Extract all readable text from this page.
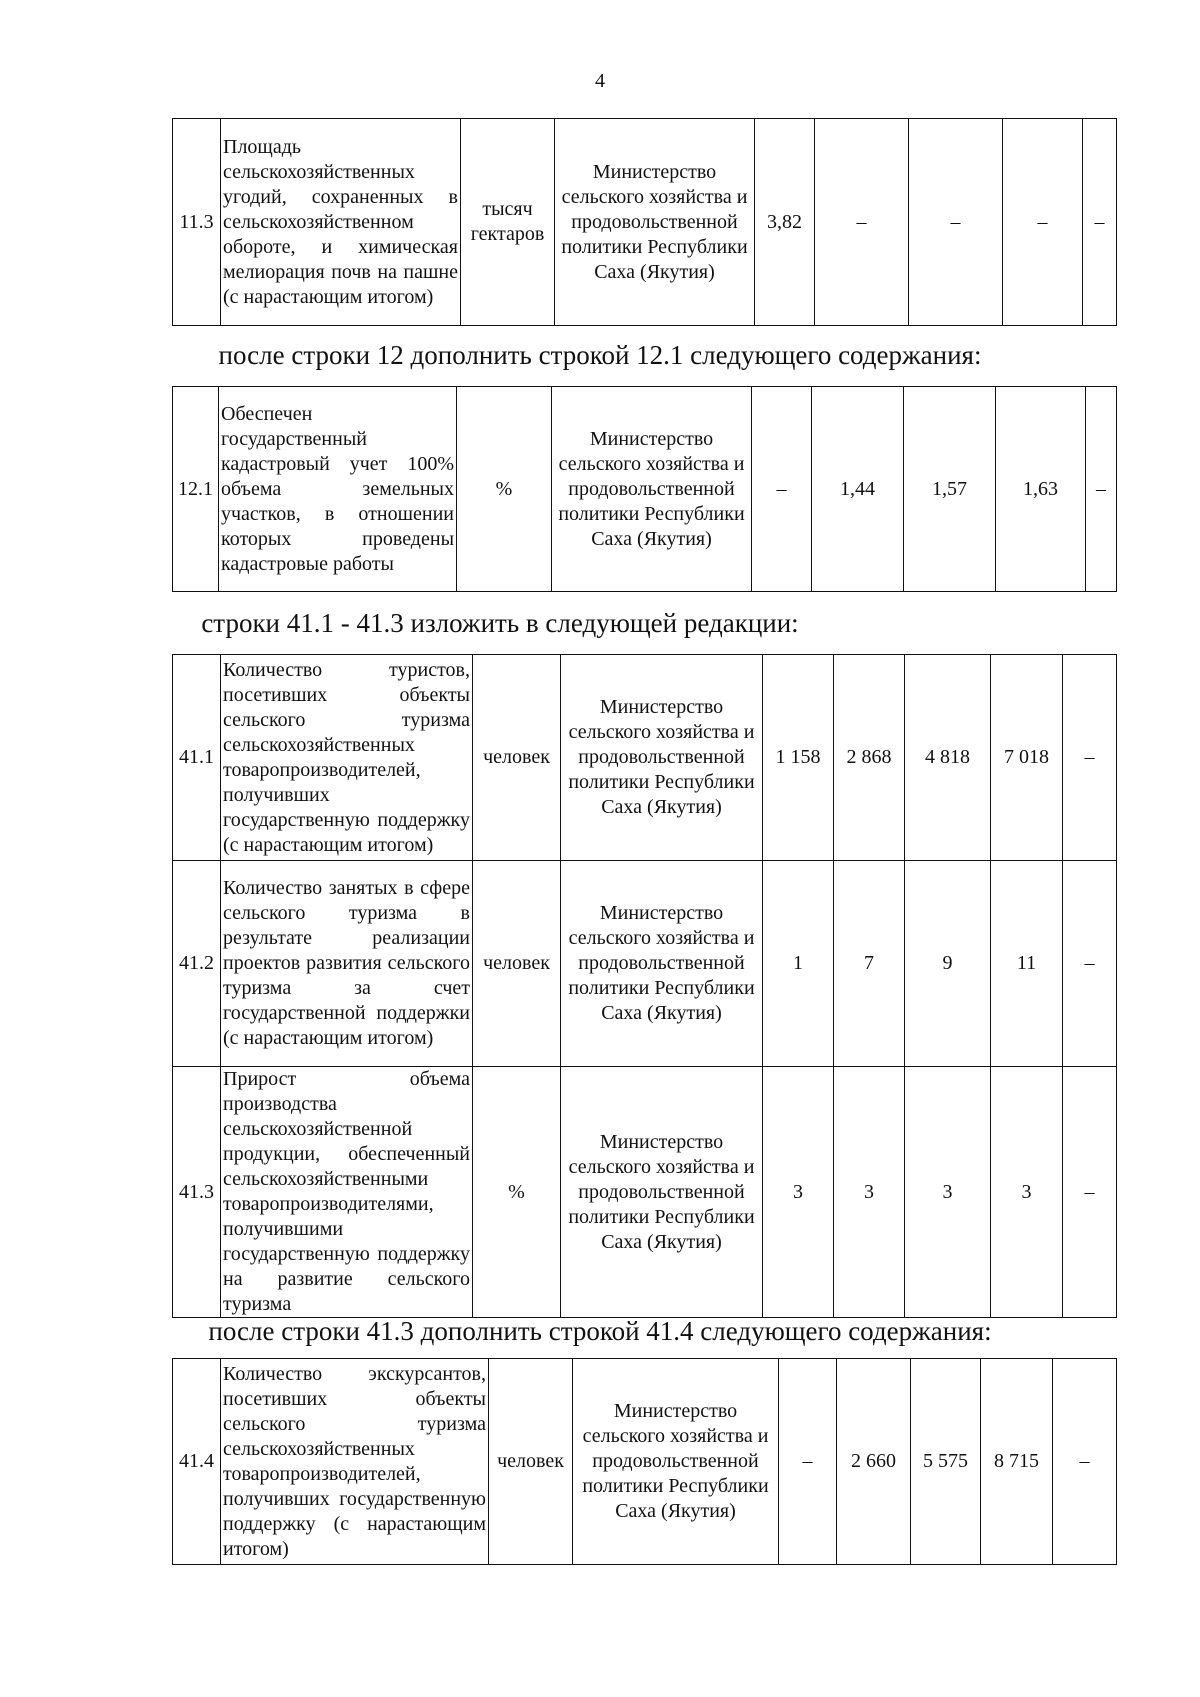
4
11.3	Площадь сельскохозяйственных угодий, сохраненных в сельскохозяйственном обороте, и химическая мелиорация почв на пашне (с нарастающим итогом)	тысяч гектаров	Министерство сельского хозяйства и продовольственной политики Республики Саха (Якутия)	3,82	–	–	–	–
после строки 12 дополнить строкой 12.1 следующего содержания:
12.1	Обеспечен государственный кадастровый учет 100% объема земельных участков, в отношении которых проведены кадастровые работы	%	Министерство сельского хозяйства и продовольственной политики Республики Саха (Якутия)	–	1,44	1,57	1,63	–
строки 41.1 - 41.3 изложить в следующей редакции:
41.1	Количество туристов, посетивших объекты сельского туризма сельскохозяйственных товаропроизводителей, получивших государственную поддержку (с нарастающим итогом)	человек	Министерство сельского хозяйства и продовольственной политики Республики Саха (Якутия)	1 158	2 868	4 818	7 018	–
41.2	Количество занятых в сфере сельского туризма в результате реализации проектов развития сельского туризма за счет государственной поддержки (с нарастающим итогом)	человек	Министерство сельского хозяйства и продовольственной политики Республики Саха (Якутия)	1	7	9	11	–
41.3	Прирост объема производства сельскохозяйственной продукции, обеспеченный сельскохозяйственными товаропроизводителями, получившими государственную поддержку на развитие сельского туризма	%	Министерство сельского хозяйства и продовольственной политики Республики Саха (Якутия)	3	3	3	3	–
после строки 41.3 дополнить строкой 41.4 следующего содержания:
41.4	Количество экскурсантов, посетивших объекты сельского туризма сельскохозяйственных товаропроизводителей, получивших государственную поддержку (с нарастающим итогом)	человек	Министерство сельского хозяйства и продовольственной политики Республики Саха (Якутия)	–	2 660	5 575	8 715	–
